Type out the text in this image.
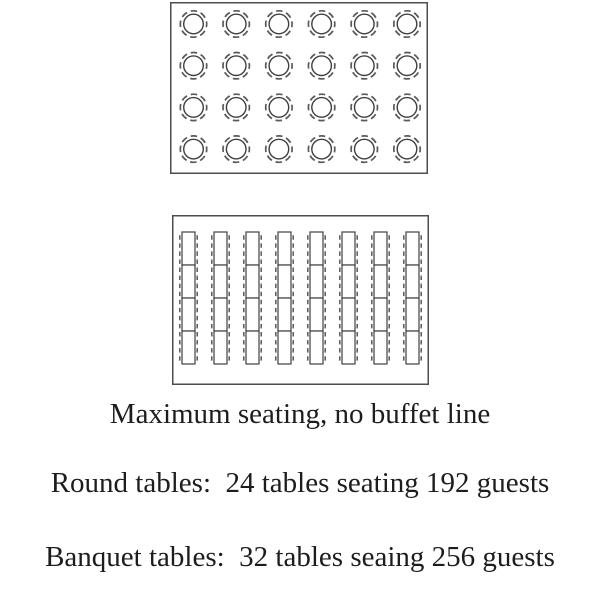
Maximum seating, no buffet line
Round tables:  24 tables seating 192 guests
Banquet tables:  32 tables seaing 256 guests
